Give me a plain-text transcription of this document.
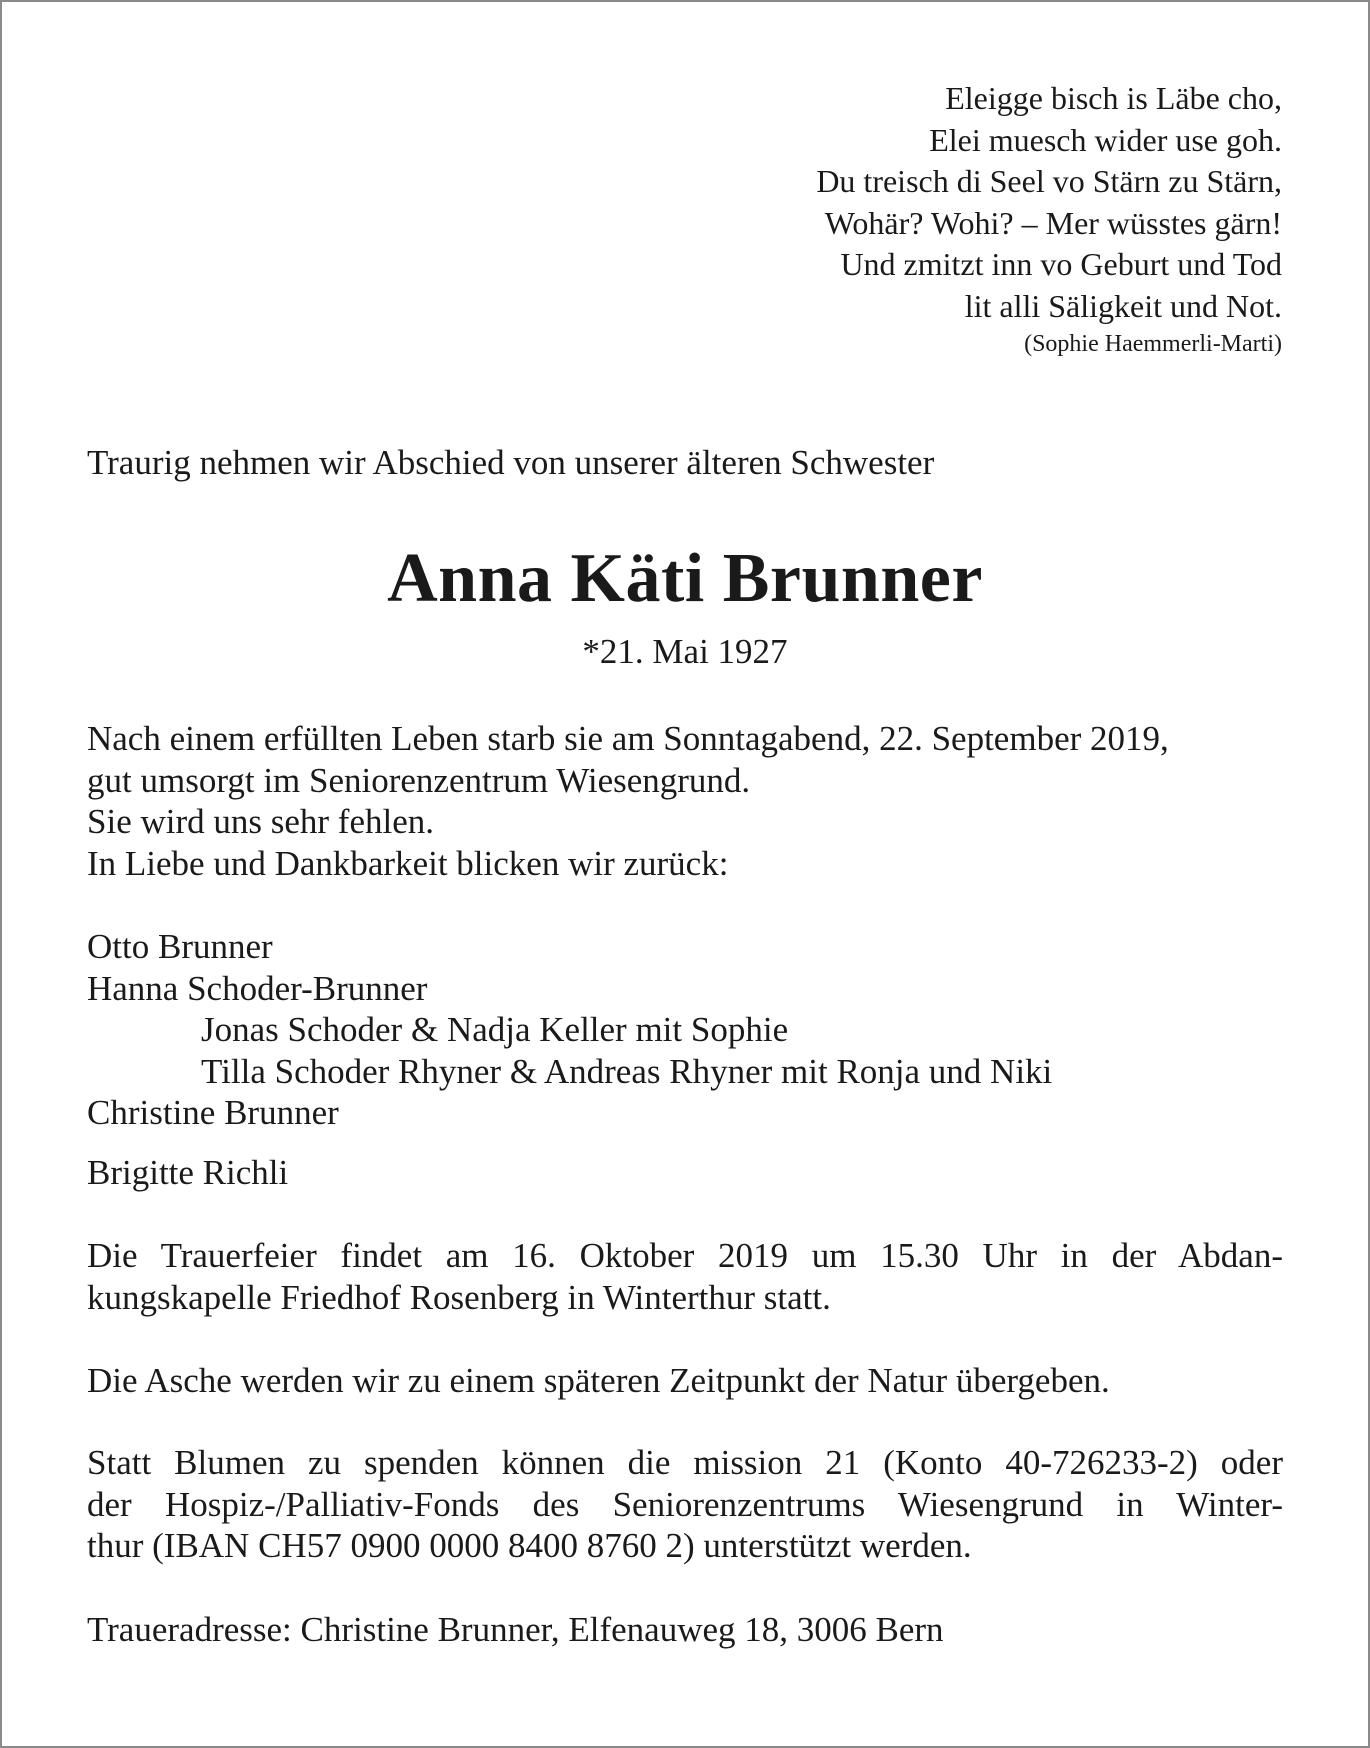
Eleigge bisch is Läbe cho,
Elei muesch wider use goh.
Du treisch di Seel vo Stärn zu Stärn,
Wohär? Wohi? – Mer wüsstes gärn!
Und zmitzt inn vo Geburt und Tod
lit alli Säligkeit und Not.
(Sophie Haemmerli-Marti)
Traurig nehmen wir Abschied von unserer älteren Schwester
Anna Käti Brunner
*21. Mai 1927
Nach einem erfüllten Leben starb sie am Sonntagabend, 22. September 2019,
gut umsorgt im Seniorenzentrum Wiesengrund.
Sie wird uns sehr fehlen.
In Liebe und Dankbarkeit blicken wir zurück:
Otto Brunner
Hanna Schoder-Brunner
Jonas Schoder & Nadja Keller mit Sophie
Tilla Schoder Rhyner & Andreas Rhyner mit Ronja und Niki
Christine Brunner
Brigitte Richli
Die Trauerfeier findet am 16. Oktober 2019 um 15.30 Uhr in der Abdan-
kungskapelle Friedhof Rosenberg in Winterthur statt.
Die Asche werden wir zu einem späteren Zeitpunkt der Natur übergeben.
Statt Blumen zu spenden können die mission 21 (Konto 40-726233-2) oder
der Hospiz-/Palliativ-Fonds des Seniorenzentrums Wiesengrund in Winter-
thur (IBAN CH57 0900 0000 8400 8760 2) unterstützt werden.
Traueradresse: Christine Brunner, Elfenauweg 18, 3006 Bern
